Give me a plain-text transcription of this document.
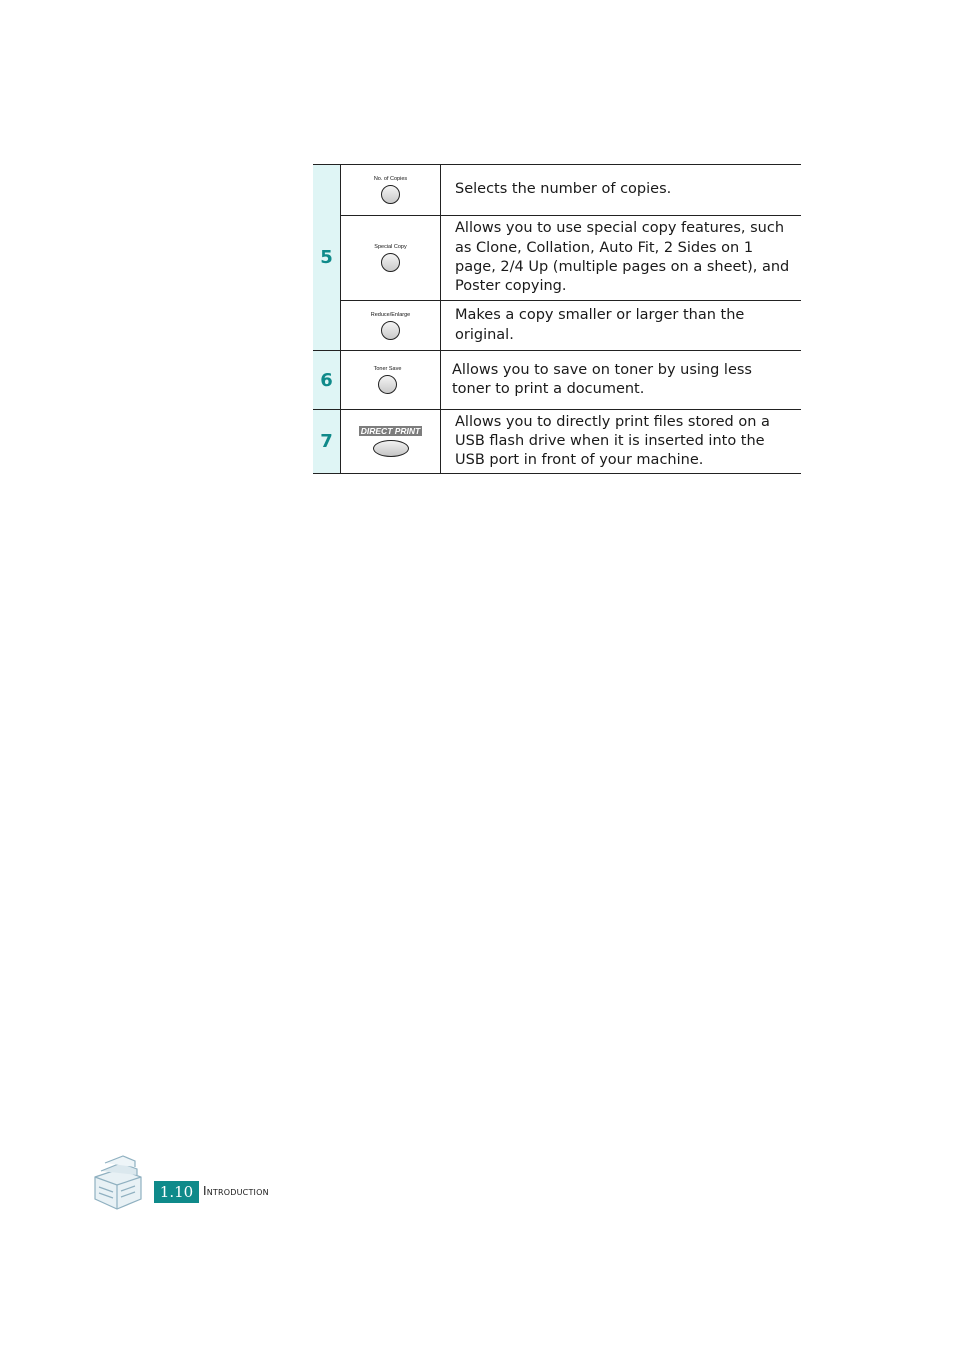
5	No. of Copies	Selects the number of copies.

	Special Copy	Allows you to use special copy features, such as Clone, Collation, Auto Fit, 2 Sides on 1 page, 2/4 Up (multiple pages on a sheet), and Poster copying.

	Reduce/Enlarge	Makes a copy smaller or larger than the original.
6	Toner Save	Allows you to save on toner by using less toner to print a document.
7	DIRECT PRINT	Allows you to directly print files stored on a USB flash drive when it is inserted into the USB port in front of your machine.
1.10 Introduction
